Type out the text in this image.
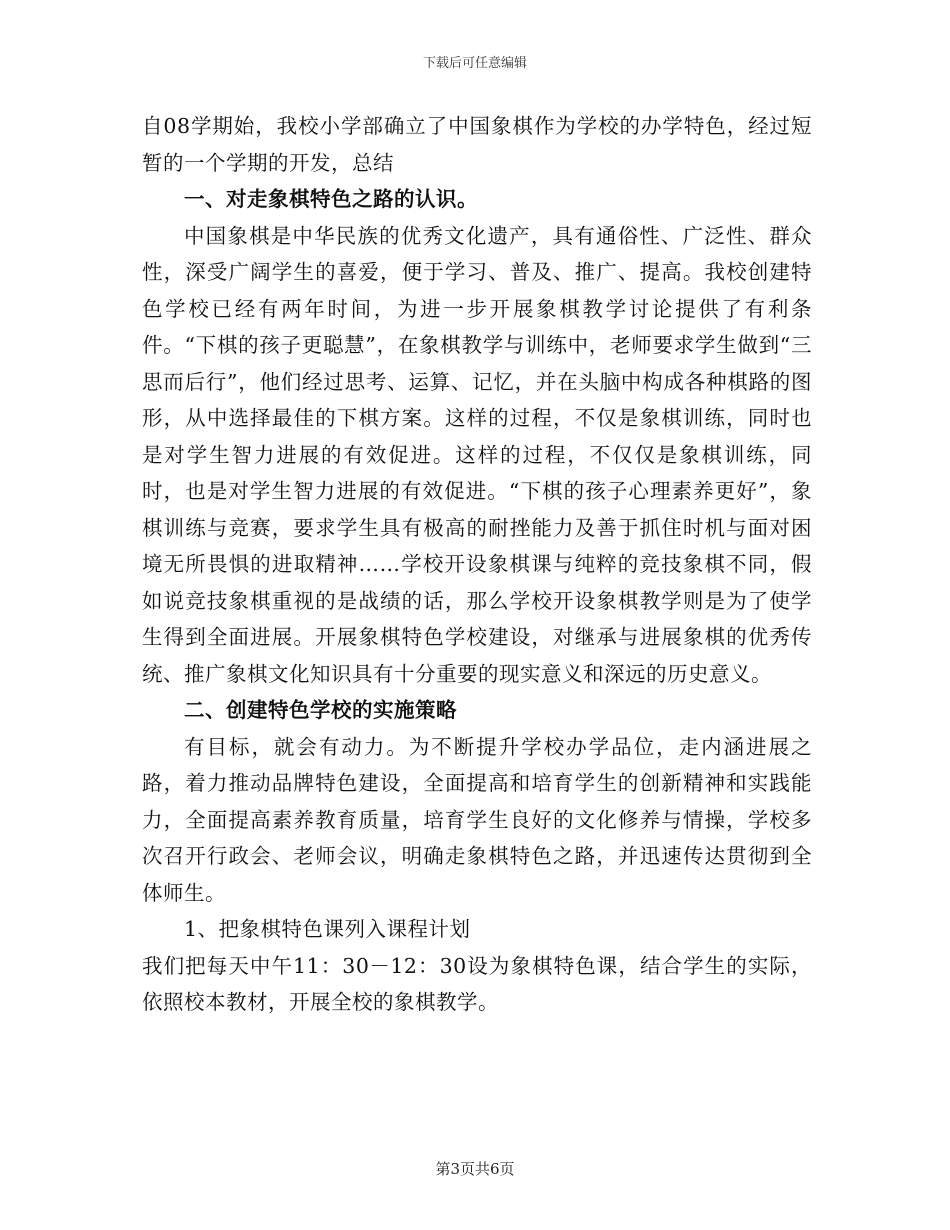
下载后可任意编辑

自08学期始，我校小学部确立了中国象棋作为学校的办学特色，经过短暂的一个学期的开发，总结

一、对走象棋特色之路的认识。

中国象棋是中华民族的优秀文化遗产，具有通俗性、广泛性、群众性，深受广阔学生的喜爱，便于学习、普及、推广、提高。我校创建特色学校已经有两年时间，为进一步开展象棋教学讨论提供了有利条件。“下棋的孩子更聪慧”，在象棋教学与训练中，老师要求学生做到“三思而后行”，他们经过思考、运算、记忆，并在头脑中构成各种棋路的图形，从中选择最佳的下棋方案。这样的过程，不仅是象棋训练，同时也是对学生智力进展的有效促进。这样的过程，不仅仅是象棋训练，同时，也是对学生智力进展的有效促进。“下棋的孩子心理素养更好”，象棋训练与竞赛，要求学生具有极高的耐挫能力及善于抓住时机与面对困境无所畏惧的进取精神……学校开设象棋课与纯粹的竞技象棋不同，假如说竞技象棋重视的是战绩的话，那么学校开设象棋教学则是为了使学生得到全面进展。开展象棋特色学校建设，对继承与进展象棋的优秀传统、推广象棋文化知识具有十分重要的现实意义和深远的历史意义。

二、创建特色学校的实施策略

有目标，就会有动力。为不断提升学校办学品位，走内涵进展之路，着力推动品牌特色建设，全面提高和培育学生的创新精神和实践能力，全面提高素养教育质量，培育学生良好的文化修养与情操，学校多次召开行政会、老师会议，明确走象棋特色之路，并迅速传达贯彻到全体师生。

1、把象棋特色课列入课程计划

我们把每天中午11：30－12：30设为象棋特色课，结合学生的实际，依照校本教材，开展全校的象棋教学。

第3页共6页
